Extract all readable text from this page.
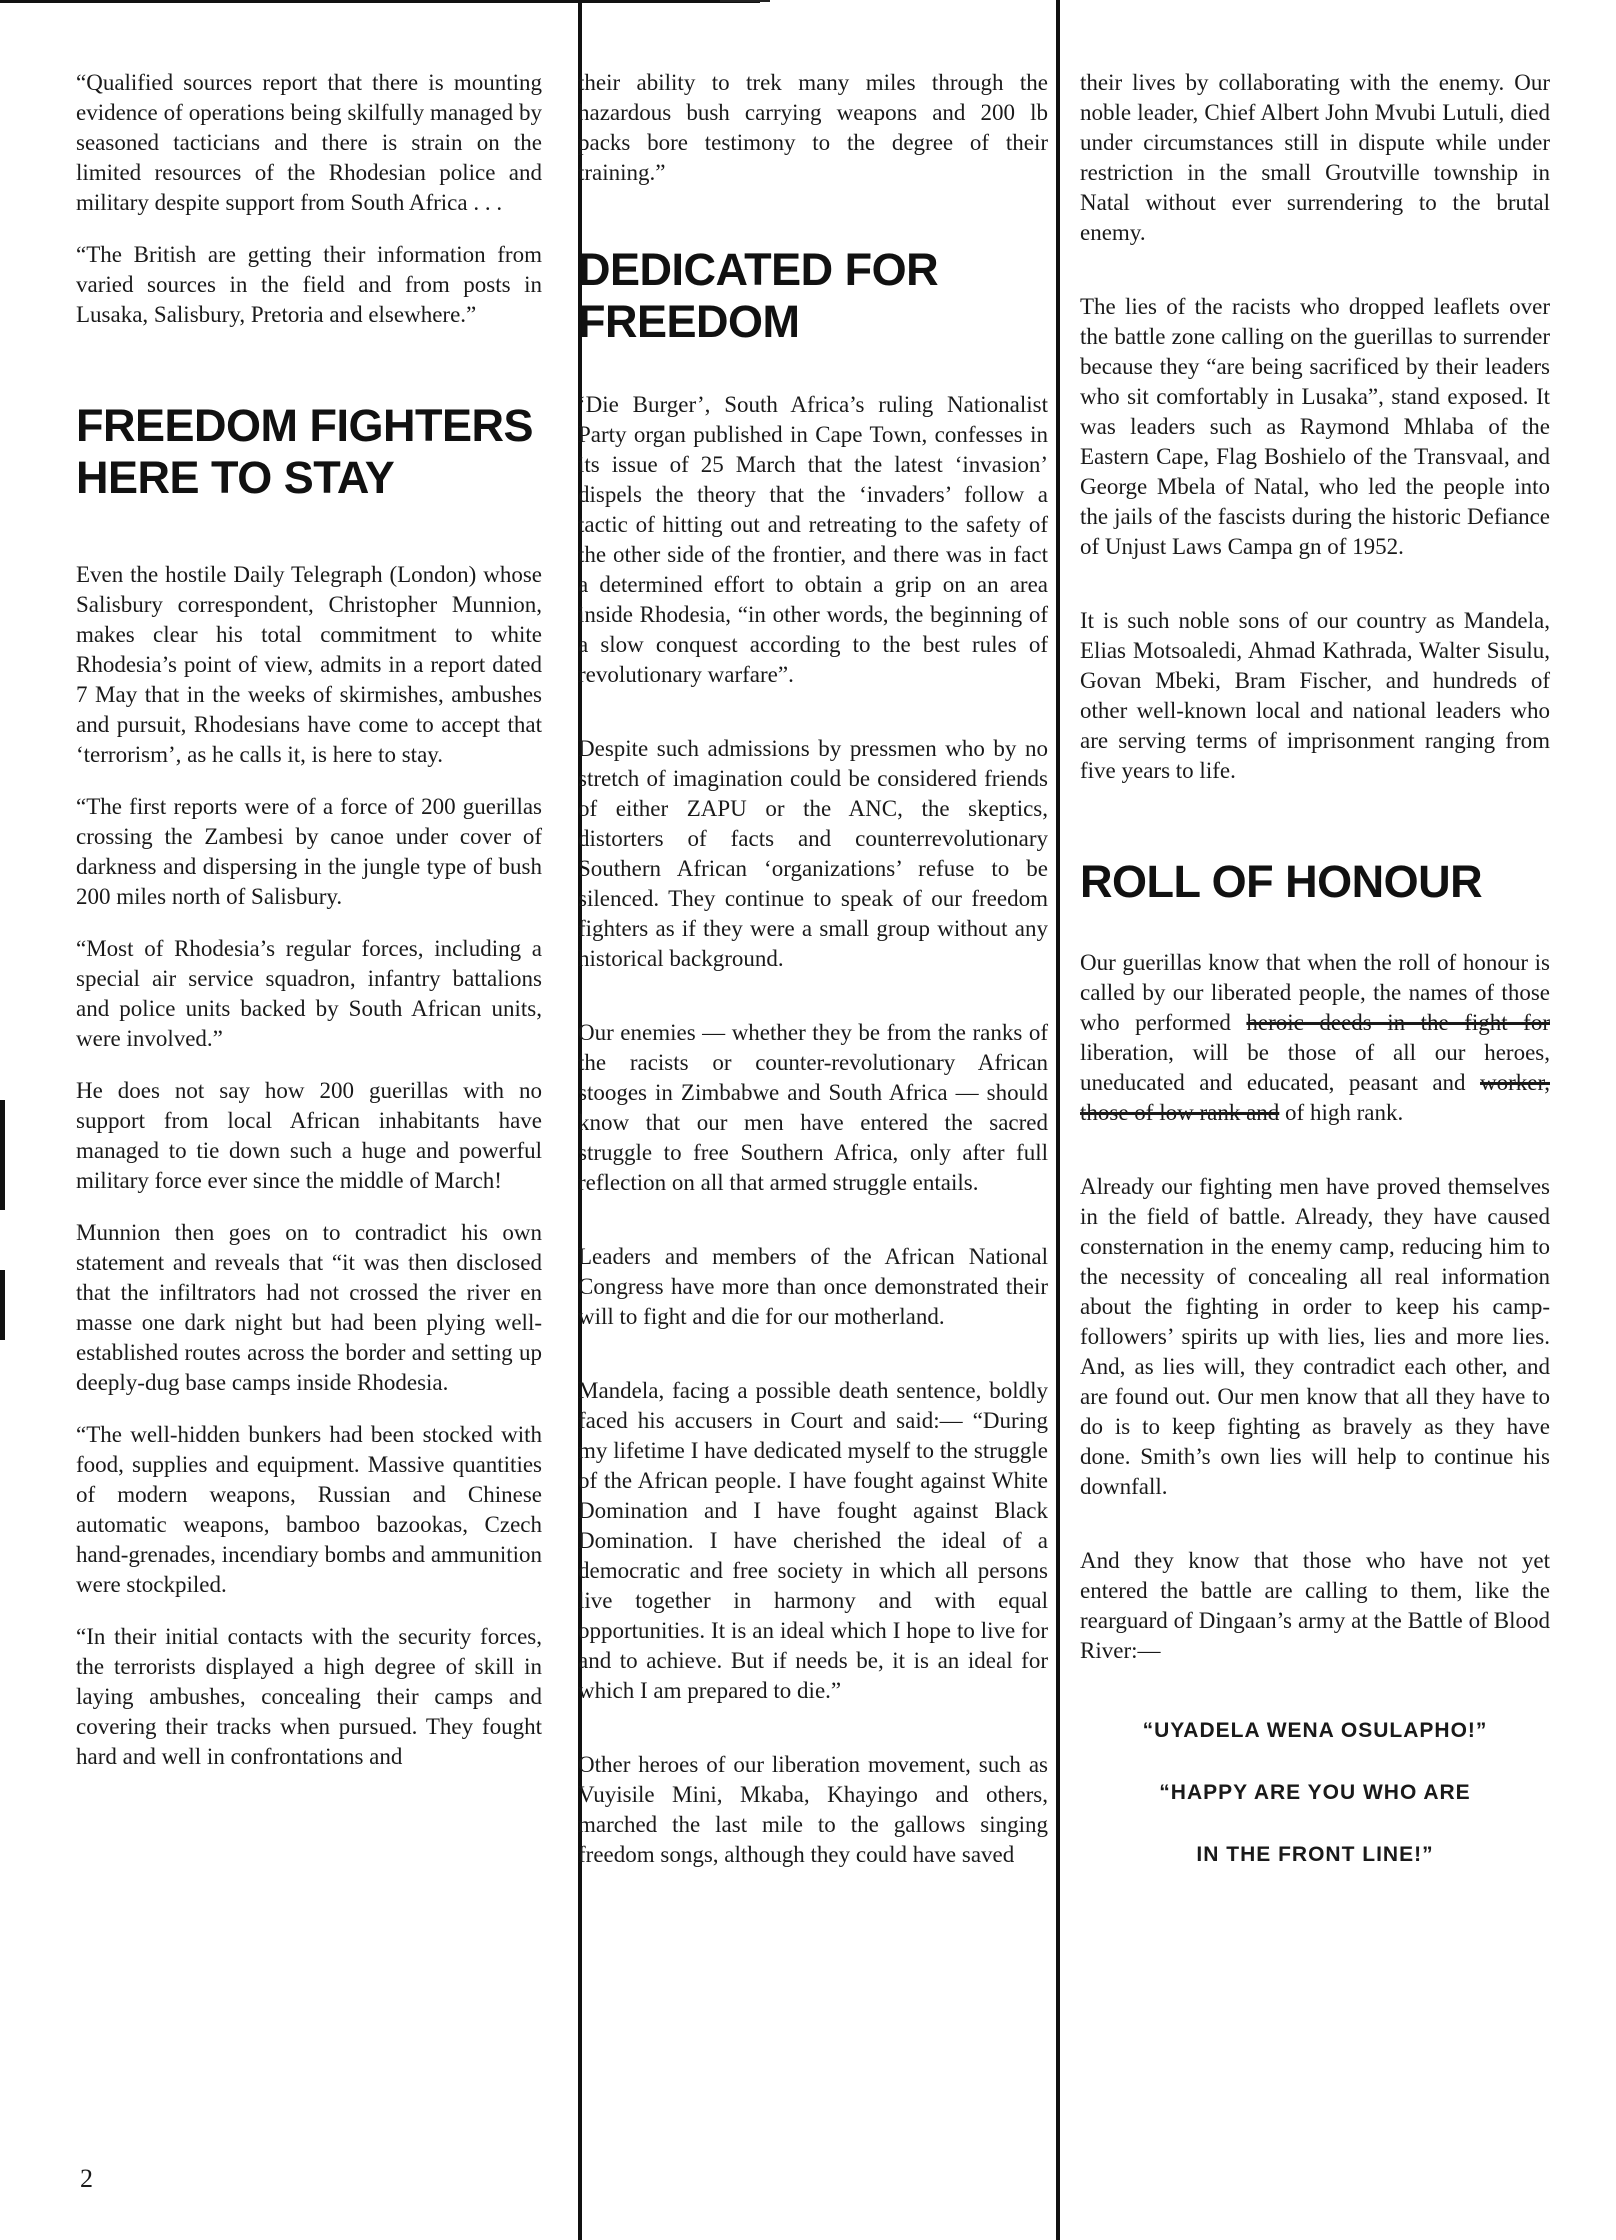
“Qualified sources report that there is mounting evidence of operations being skilfully managed by seasoned tacticians and there is strain on the limited resources of the Rhodesian police and military despite support from South Africa . . .

“The British are getting their information from varied sources in the field and from posts in Lusaka, Salisbury, Pretoria and elsewhere.”

FREEDOM FIGHTERS HERE TO STAY

Even the hostile Daily Telegraph (London) whose Salisbury correspondent, Christopher Munnion, makes clear his total commitment to white Rhodesia’s point of view, admits in a report dated 7 May that in the weeks of skirmishes, ambushes and pursuit, Rhodesians have come to accept that ‘terrorism’, as he calls it, is here to stay.

“The first reports were of a force of 200 guerillas crossing the Zambesi by canoe under cover of darkness and dispersing in the jungle type of bush 200 miles north of Salisbury.

“Most of Rhodesia’s regular forces, including a special air service squadron, infantry battalions and police units backed by South African units, were involved.”

He does not say how 200 guerillas with no support from local African inhabitants have managed to tie down such a huge and powerful military force ever since the middle of March!

Munnion then goes on to contradict his own statement and reveals that “it was then disclosed that the infiltrators had not crossed the river en masse one dark night but had been plying well-established routes across the border and setting up deeply-dug base camps inside Rhodesia.

“The well-hidden bunkers had been stocked with food, supplies and equipment. Massive quantities of modern weapons, Russian and Chinese automatic weapons, bamboo bazookas, Czech hand-grenades, incendiary bombs and ammunition were stockpiled.

“In their initial contacts with the security forces, the terrorists displayed a high degree of skill in laying ambushes, concealing their camps and covering their tracks when pursued. They fought hard and well in confrontations and

their ability to trek many miles through the hazardous bush carrying weapons and 200 lb packs bore testimony to the degree of their training.”

DEDICATED FOR FREEDOM

‘Die Burger’, South Africa’s ruling Nationalist Party organ published in Cape Town, confesses in its issue of 25 March that the latest ‘invasion’ dispels the theory that the ‘invaders’ follow a tactic of hitting out and retreating to the safety of the other side of the frontier, and there was in fact a determined effort to obtain a grip on an area inside Rhodesia, “in other words, the beginning of a slow conquest according to the best rules of revolutionary warfare”.

Despite such admissions by pressmen who by no stretch of imagination could be considered friends of either ZAPU or the ANC, the skeptics, distorters of facts and counterrevolutionary Southern African ‘organizations’ refuse to be silenced. They continue to speak of our freedom fighters as if they were a small group without any historical background.

Our enemies — whether they be from the ranks of the racists or counter-revolutionary African stooges in Zimbabwe and South Africa — should know that our men have entered the sacred struggle to free Southern Africa, only after full reflection on all that armed struggle entails.

Leaders and members of the African National Congress have more than once demonstrated their will to fight and die for our motherland.

Mandela, facing a possible death sentence, boldly faced his accusers in Court and said:— “During my lifetime I have dedicated myself to the struggle of the African people. I have fought against White Domination and I have fought against Black Domination. I have cherished the ideal of a democratic and free society in which all persons live together in harmony and with equal opportunities. It is an ideal which I hope to live for and to achieve. But if needs be, it is an ideal for which I am prepared to die.”

Other heroes of our liberation movement, such as Vuyisile Mini, Mkaba, Khayingo and others, marched the last mile to the gallows singing freedom songs, although they could have saved

their lives by collaborating with the enemy. Our noble leader, Chief Albert John Mvubi Lutuli, died under circumstances still in dispute while under restriction in the small Groutville township in Natal without ever surrendering to the brutal enemy.

The lies of the racists who dropped leaflets over the battle zone calling on the guerillas to surrender because they “are being sacrificed by their leaders who sit comfortably in Lusaka”, stand exposed. It was leaders such as Raymond Mhlaba of the Eastern Cape, Flag Boshielo of the Transvaal, and George Mbela of Natal, who led the people into the jails of the fascists during the historic Defiance of Unjust Laws Campa gn of 1952.

It is such noble sons of our country as Mandela, Elias Motsoaledi, Ahmad Kathrada, Walter Sisulu, Govan Mbeki, Bram Fischer, and hundreds of other well-known local and national leaders who are serving terms of imprisonment ranging from five years to life.

ROLL OF HONOUR

Our guerillas know that when the roll of honour is called by our liberated people, the names of those who performed heroic deeds in the fight for liberation, will be those of all our heroes, uneducated and educated, peasant and worker, those of low rank and of high rank.

Already our fighting men have proved themselves in the field of battle. Already, they have caused consternation in the enemy camp, reducing him to the necessity of concealing all real information about the fighting in order to keep his camp-followers’ spirits up with lies, lies and more lies. And, as lies will, they contradict each other, and are found out. Our men know that all they have to do is to keep fighting as bravely as they have done. Smith’s own lies will help to continue his downfall.

And they know that those who have not yet entered the battle are calling to them, like the rearguard of Dingaan’s army at the Battle of Blood River:—

“UYADELA WENA OSULAPHO!”
“HAPPY ARE YOU WHO ARE
IN THE FRONT LINE!”
2
